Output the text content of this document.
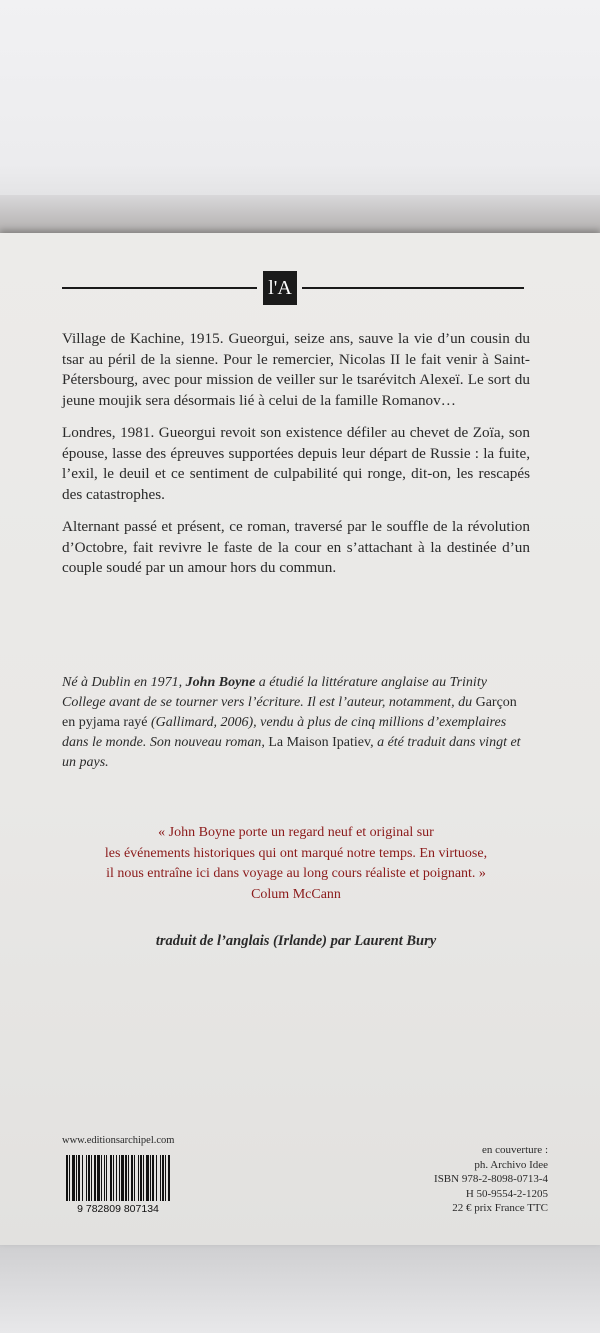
l'A

Village de Kachine, 1915. Gueorgui, seize ans, sauve la vie d’un cousin du tsar au péril de la sienne. Pour le remercier, Nicolas II le fait venir à Saint-Pétersbourg, avec pour mission de veiller sur le tsarévitch Alexeï. Le sort du jeune moujik sera désormais lié à celui de la famille Romanov…

Londres, 1981. Gueorgui revoit son existence défiler au chevet de Zoïa, son épouse, lasse des épreuves supportées depuis leur départ de Russie : la fuite, l’exil, le deuil et ce sentiment de culpabilité qui ronge, dit-on, les rescapés des catastrophes.

Alternant passé et présent, ce roman, traversé par le souffle de la révolution d’Octobre, fait revivre le faste de la cour en s’attachant à la destinée d’un couple soudé par un amour hors du commun.

Né à Dublin en 1971, John Boyne a étudié la littérature anglaise au Trinity College avant de se tourner vers l’écriture. Il est l’auteur, notamment, du Garçon en pyjama rayé (Gallimard, 2006), vendu à plus de cinq millions d’exemplaires dans le monde. Son nouveau roman, La Maison Ipatiev, a été traduit dans vingt et un pays.
« John Boyne porte un regard neuf et original sur
les événements historiques qui ont marqué notre temps. En virtuose,
il nous entraîne ici dans voyage au long cours réaliste et poignant. »
Colum McCann
traduit de l’anglais (Irlande) par Laurent Bury
www.editionsarchipel.com
9 782809 807134
en couverture :
ph. Archivo Idee
ISBN 978-2-8098-0713-4
H 50-9554-2-1205
22 € prix France TTC
